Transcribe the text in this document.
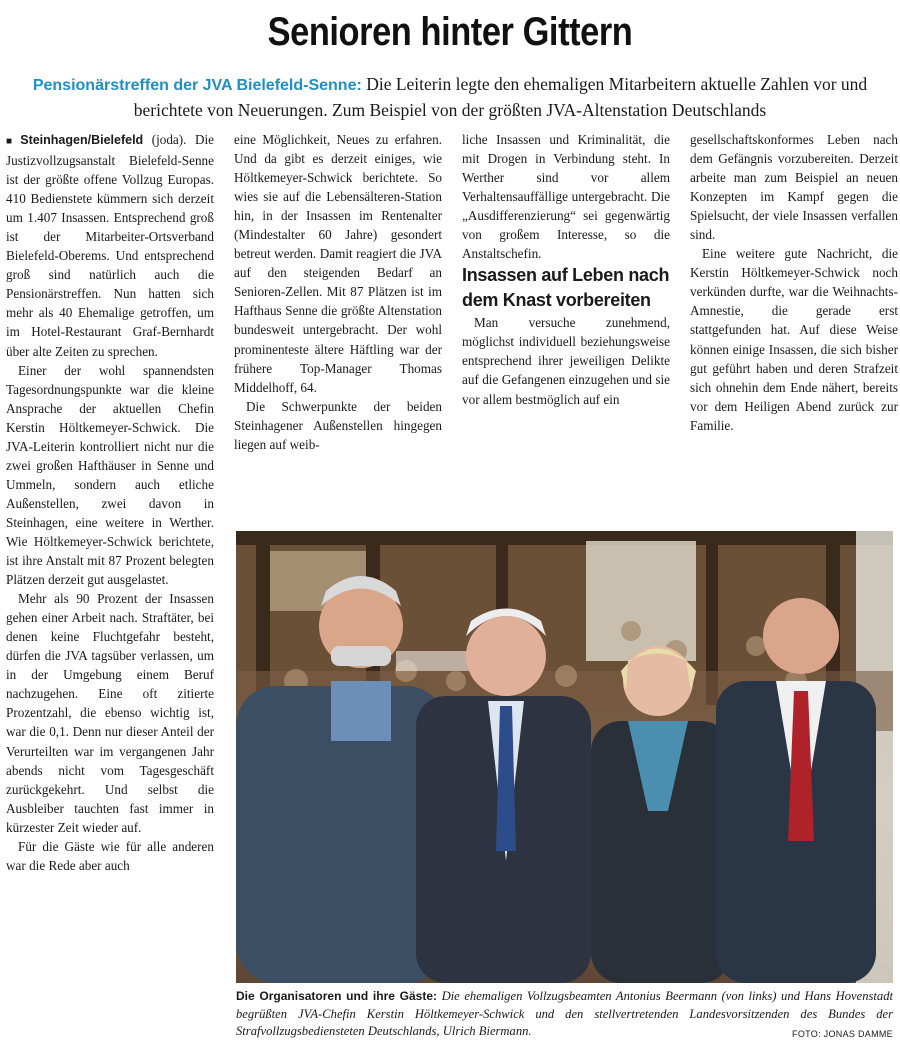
Senioren hinter Gittern
Pensionärstreffen der JVA Bielefeld-Senne: Die Leiterin legte den ehemaligen Mitarbeitern aktuelle Zahlen vor und berichtete von Neuerungen. Zum Beispiel von der größten JVA-Altenstation Deutschlands

■ Steinhagen/Bielefeld (joda). Die Justizvollzugsanstalt Bielefeld-Senne ist der größte offene Vollzug Europas. 410 Bedienstete kümmern sich derzeit um 1.407 Insassen. Entsprechend groß ist der Mitarbeiter-Ortsverband Bielefeld-Oberems. Und entsprechend groß sind natürlich auch die Pensionärstreffen. Nun hatten sich mehr als 40 Ehemalige getroffen, um im Hotel-Restaurant Graf-Bernhardt über alte Zeiten zu sprechen.

Einer der wohl spannendsten Tagesordnungspunkte war die kleine Ansprache der aktuellen Chefin Kerstin Höltkemeyer-Schwick. Die JVA-Leiterin kontrolliert nicht nur die zwei großen Hafthäuser in Senne und Ummeln, sondern auch etliche Außenstellen, zwei davon in Steinhagen, eine weitere in Werther. Wie Höltkemeyer-Schwick berichtete, ist ihre Anstalt mit 87 Prozent belegten Plätzen derzeit gut ausgelastet.

Mehr als 90 Prozent der Insassen gehen einer Arbeit nach. Straftäter, bei denen keine Fluchtgefahr besteht, dürfen die JVA tagsüber verlassen, um in der Umgebung einem Beruf nachzugehen. Eine oft zitierte Prozentzahl, die ebenso wichtig ist, war die 0,1. Denn nur dieser Anteil der Verurteilten war im vergangenen Jahr abends nicht vom Tagesgeschäft zurückgekehrt. Und selbst die Ausbleiber tauchten fast immer in kürzester Zeit wieder auf.

Für die Gäste wie für alle anderen war die Rede aber auch

eine Möglichkeit, Neues zu erfahren. Und da gibt es derzeit einiges, wie Höltkemeyer-Schwick berichtete. So wies sie auf die Lebensälteren-Station hin, in der Insassen im Rentenalter (Mindestalter 60 Jahre) gesondert betreut werden. Damit reagiert die JVA auf den steigenden Bedarf an Senioren-Zellen. Mit 87 Plätzen ist im Hafthaus Senne die größte Altenstation bundesweit untergebracht. Der wohl prominenteste ältere Häftling war der frühere Top-Manager Thomas Middelhoff, 64.

Die Schwerpunkte der beiden Steinhagener Außenstellen hingegen liegen auf weib-

liche Insassen und Kriminalität, die mit Drogen in Verbindung steht. In Werther sind vor allem Verhaltensauffällige untergebracht. Die „Ausdifferenzierung“ sei gegenwärtig von großem Interesse, so die Anstaltschefin.

Insassen auf Leben nach dem Knast vorbereiten

Man versuche zunehmend, möglichst individuell beziehungsweise entsprechend ihrer jeweiligen Delikte auf die Gefangenen einzugehen und sie vor allem bestmöglich auf ein

gesellschaftskonformes Leben nach dem Gefängnis vorzubereiten. Derzeit arbeite man zum Beispiel an neuen Konzepten im Kampf gegen die Spielsucht, der viele Insassen verfallen sind.

Eine weitere gute Nachricht, die Kerstin Höltkemeyer-Schwick noch verkünden durfte, war die Weihnachts-Amnestie, die gerade erst stattgefunden hat. Auf diese Weise können einige Insassen, die sich bisher gut geführt haben und deren Strafzeit sich ohnehin dem Ende nähert, bereits vor dem Heiligen Abend zurück zur Familie.

Die Organisatoren und ihre Gäste: Die ehemaligen Vollzugsbeamten Antonius Beermann (von links) und Hans Hovenstadt begrüßten JVA-Chefin Kerstin Höltkemeyer-Schwick und den stellvertretenden Landesvorsitzenden des Bundes der Strafvollzugsbediensteten Deutschlands, Ulrich Biermann.	FOTO: JONAS DAMME
